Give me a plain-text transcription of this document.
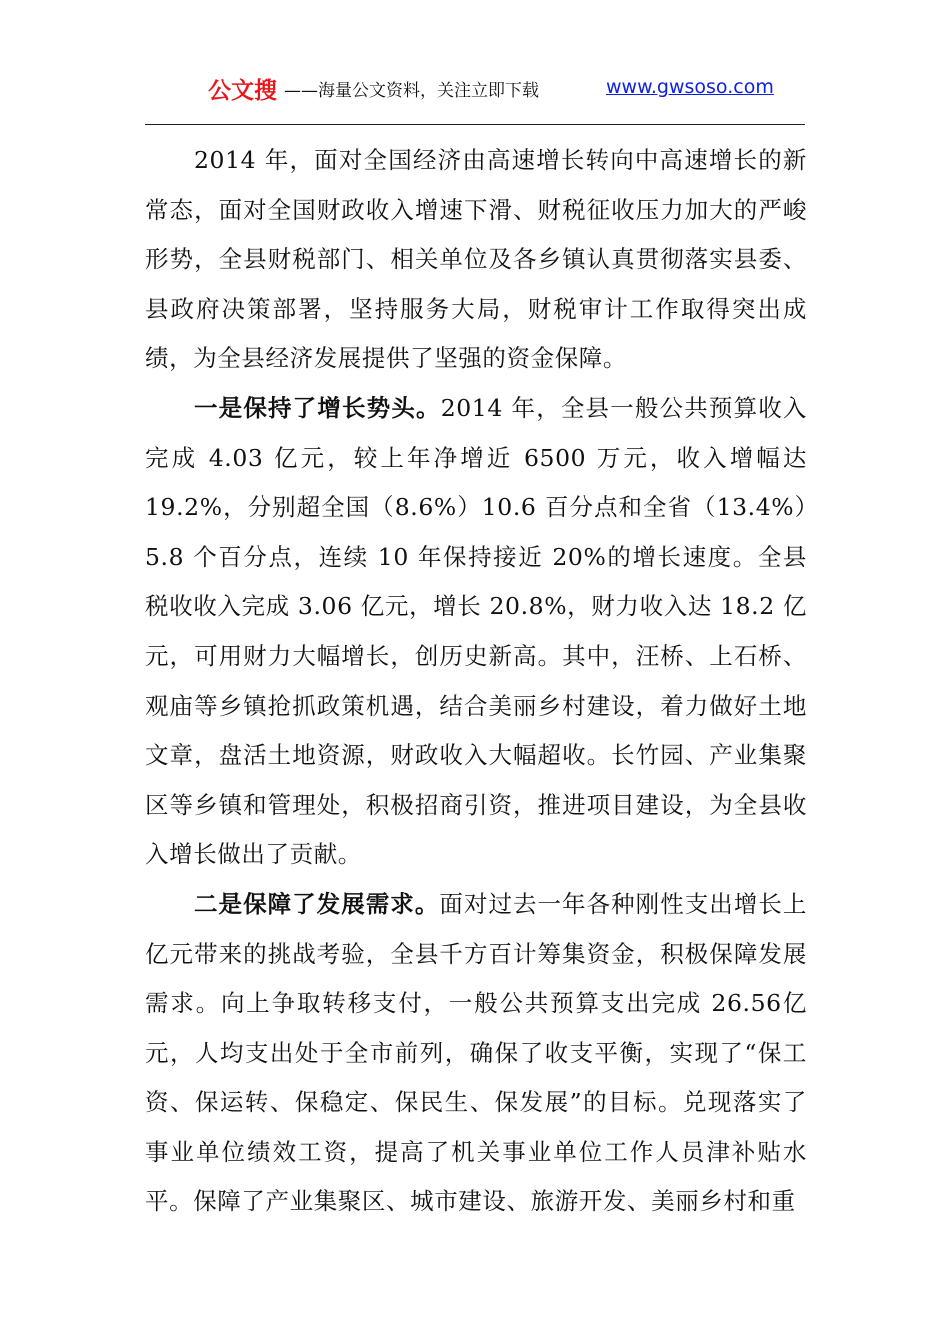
公文搜 ——海量公文资料，关注立即下载	www.gwsoso.com

2014 年，面对全国经济由高速增长转向中高速增长的新常态，面对全国财政收入增速下滑、财税征收压力加大的严峻形势，全县财税部门、相关单位及各乡镇认真贯彻落实县委、县政府决策部署，坚持服务大局，财税审计工作取得突出成绩，为全县经济发展提供了坚强的资金保障。

一是保持了增长势头。2014 年，全县一般公共预算收入完成 4.03 亿元，较上年净增近 6500 万元，收入增幅达19.2%，分别超全国（8.6%）10.6 百分点和全省（13.4%）5.8 个百分点，连续 10 年保持接近 20%的增长速度。全县税收收入完成 3.06 亿元，增长 20.8%，财力收入达 18.2 亿元，可用财力大幅增长，创历史新高。其中，汪桥、上石桥、观庙等乡镇抢抓政策机遇，结合美丽乡村建设，着力做好土地文章，盘活土地资源，财政收入大幅超收。长竹园、产业集聚区等乡镇和管理处，积极招商引资，推进项目建设，为全县收入增长做出了贡献。

二是保障了发展需求。面对过去一年各种刚性支出增长上亿元带来的挑战考验，全县千方百计筹集资金，积极保障发展需求。向上争取转移支付，一般公共预算支出完成 26.56亿元，人均支出处于全市前列，确保了收支平衡，实现了“保工资、保运转、保稳定、保民生、保发展”的目标。兑现落实了事业单位绩效工资，提高了机关事业单位工作人员津补贴水平。保障了产业集聚区、城市建设、旅游开发、美丽乡村和重
